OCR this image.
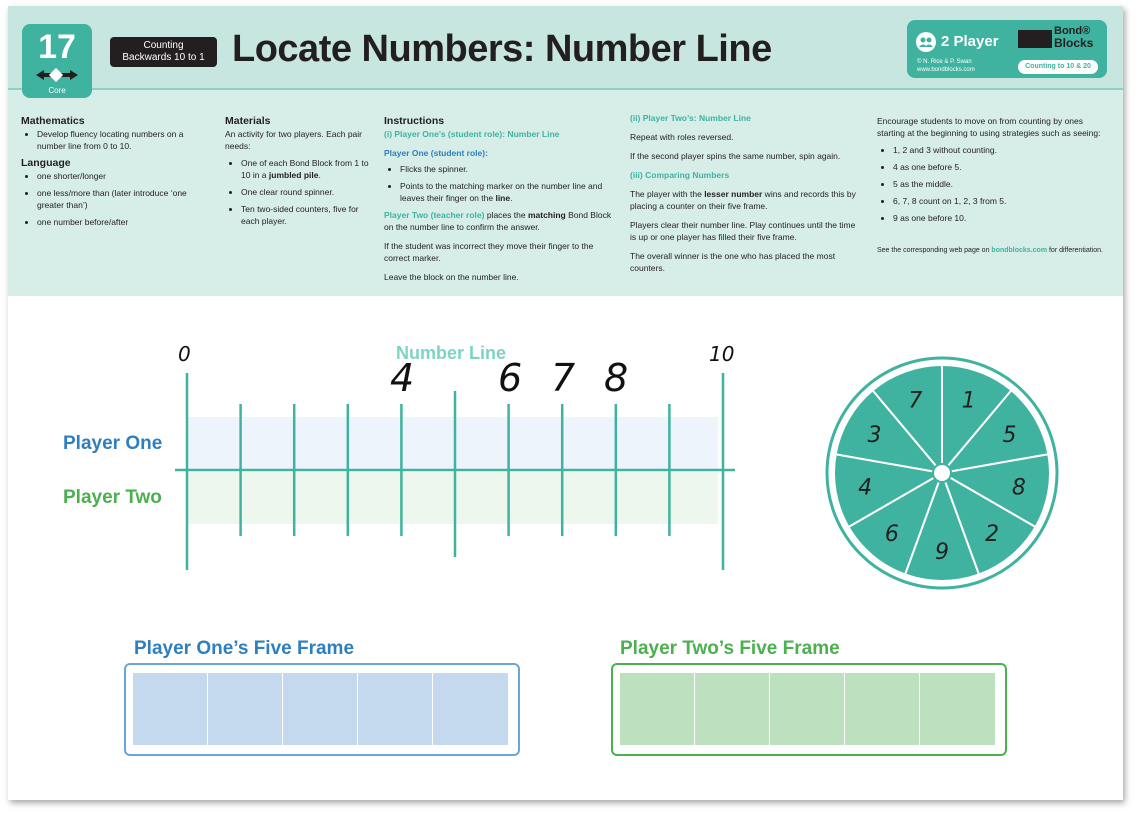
17
Core
Counting
Backwards 10 to 1 Locate Numbers: Number Line	2 Player
© N. Rice & P. Swan
www.bondblocks.com
Bond®
Blocks
Counting to 10 & 20
Mathematics
• Develop fluency locating numbers on a number line from 0 to 10.
Language
• one shorter/longer
• one less/more than (later introduce ‘one greater than’)
• one number before/after
Materials

An activity for two players. Each pair needs:

• One of each Bond Block from 1 to 10 in a jumbled pile.
• One clear round spinner.
• Ten two-sided counters, five for each player.
Instructions

(i) Player One’s (student role): Number Line

Player One (student role):

• Flicks the spinner.
• Points to the matching marker on the number line and leaves their finger on the line.

Player Two (teacher role) places the matching Bond Block on the number line to confirm the answer.

If the student was incorrect they move their finger to the correct marker.

Leave the block on the number line.

(ii) Player Two’s: Number Line

Repeat with roles reversed.

If the second player spins the same number, spin again.

(iii) Comparing Numbers

The player with the lesser number wins and records this by placing a counter on their five frame.

Players clear their number line. Play continues until the time is up or one player has filled their five frame.

The overall winner is the one who has placed the most counters.

Encourage students to move on from counting by ones starting at the beginning to using strategies such as seeing:

• 1, 2 and 3 without counting.
• 4 as one before 5.
• 5 as the middle.
• 6, 7, 8 count on 1, 2, 3 from 5.
• 9 as one before 10.

See the corresponding web page on bondblocks.com for differentiation.

1
5
8
2
9
6
4
3
7
Number Line
0	10
4 6 7 8
Player One
Player Two
Player One’s Five Frame	Player Two’s Five Frame
